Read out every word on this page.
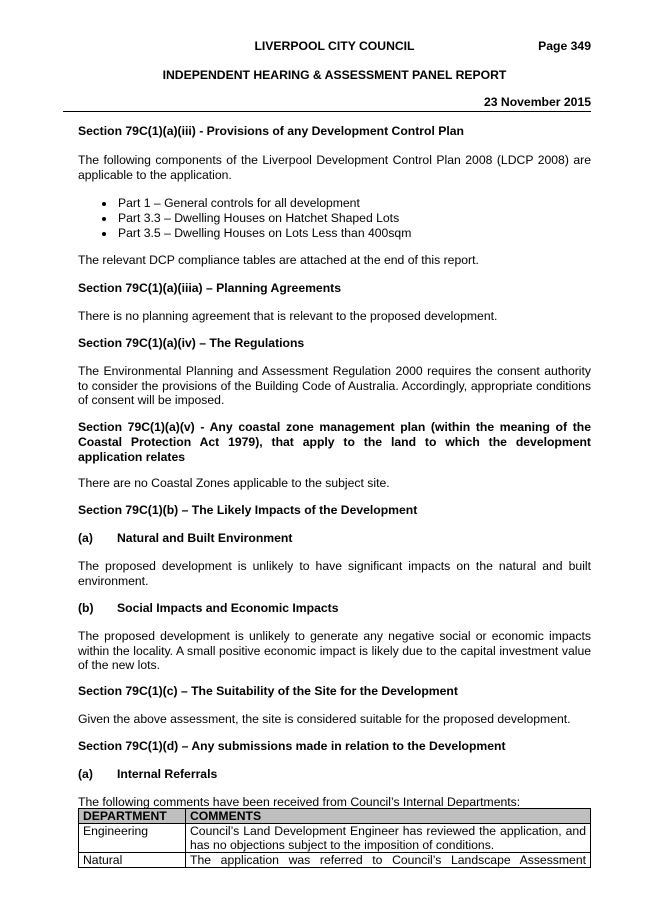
LIVERPOOL CITY COUNCIL	Page 349
INDEPENDENT HEARING & ASSESSMENT PANEL REPORT
23 November 2015
Section 79C(1)(a)(iii) - Provisions of any Development Control Plan

The following components of the Liverpool Development Control Plan 2008 (LDCP 2008) are applicable to the application.

• Part 1 – General controls for all development
• Part 3.3 – Dwelling Houses on Hatchet Shaped Lots
• Part 3.5 – Dwelling Houses on Lots Less than 400sqm

The relevant DCP compliance tables are attached at the end of this report.

Section 79C(1)(a)(iiia) – Planning Agreements

There is no planning agreement that is relevant to the proposed development.

Section 79C(1)(a)(iv) – The Regulations

The Environmental Planning and Assessment Regulation 2000 requires the consent authority to consider the provisions of the Building Code of Australia. Accordingly, appropriate conditions of consent will be imposed.

Section 79C(1)(a)(v) - Any coastal zone management plan (within the meaning of the Coastal Protection Act 1979), that apply to the land to which the development application relates

There are no Coastal Zones applicable to the subject site.

Section 79C(1)(b) – The Likely Impacts of the Development
(a)	Natural and Built Environment

The proposed development is unlikely to have significant impacts on the natural and built environment.

(b)	Social Impacts and Economic Impacts

The proposed development is unlikely to generate any negative social or economic impacts within the locality. A small positive economic impact is likely due to the capital investment value of the new lots.

Section 79C(1)(c) – The Suitability of the Site for the Development

Given the above assessment, the site is considered suitable for the proposed development.

Section 79C(1)(d) – Any submissions made in relation to the Development
(a)	Internal Referrals

The following comments have been received from Council’s Internal Departments:

DEPARTMENT	COMMENTS
Engineering	Council’s Land Development Engineer has reviewed the application, and has no objections subject to the imposition of conditions.
Natural	The application was referred to Council’s Landscape Assessment
